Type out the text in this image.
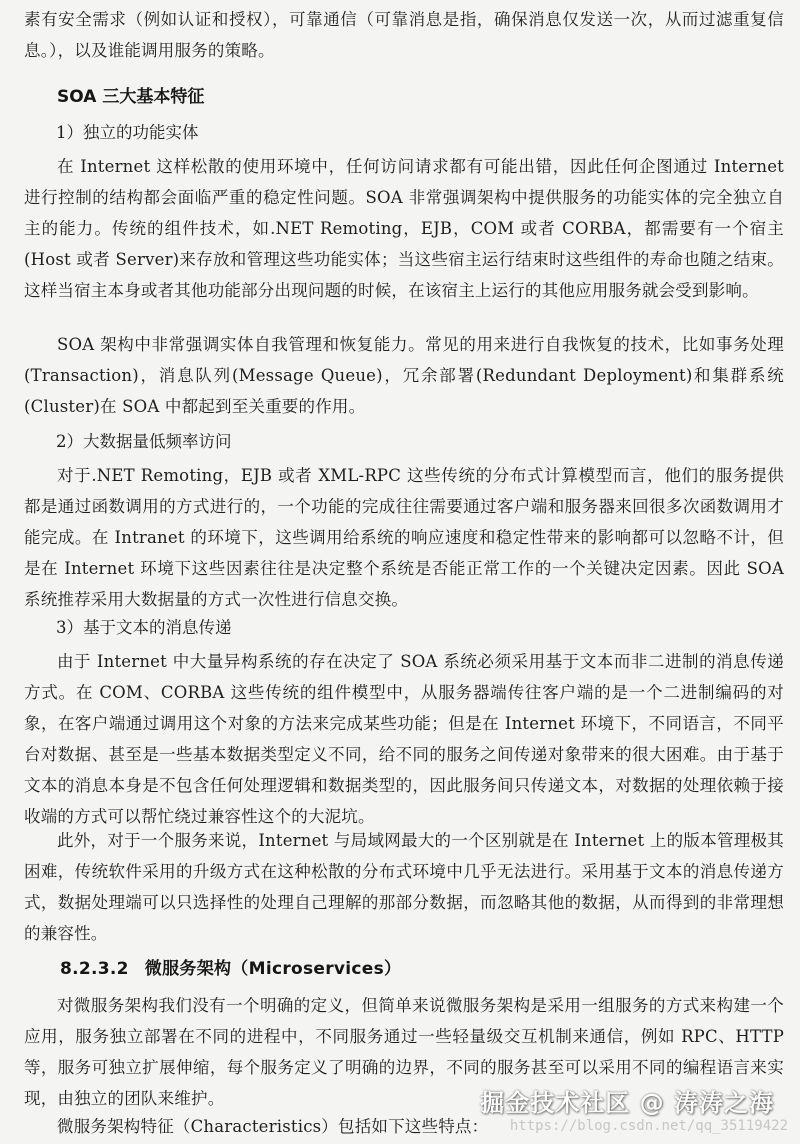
素有安全需求（例如认证和授权），可靠通信（可靠消息是指，确保消息仅发送一次，从而过滤重复信息。），以及谁能调用服务的策略。

SOA 三大基本特征

1）独立的功能实体

在 Internet 这样松散的使用环境中，任何访问请求都有可能出错，因此任何企图通过 Internet 进行控制的结构都会面临严重的稳定性问题。SOA 非常强调架构中提供服务的功能实体的完全独立自主的能力。传统的组件技术，如.NET Remoting，EJB，COM 或者 CORBA，都需要有一个宿主(Host 或者 Server)来存放和管理这些功能实体；当这些宿主运行结束时这些组件的寿命也随之结束。这样当宿主本身或者其他功能部分出现问题的时候，在该宿主上运行的其他应用服务就会受到影响。

SOA 架构中非常强调实体自我管理和恢复能力。常见的用来进行自我恢复的技术，比如事务处理(Transaction)，消息队列(Message Queue)，冗余部署(Redundant Deployment)和集群系统(Cluster)在 SOA 中都起到至关重要的作用。

2）大数据量低频率访问

对于.NET Remoting，EJB 或者 XML-RPC 这些传统的分布式计算模型而言，他们的服务提供都是通过函数调用的方式进行的，一个功能的完成往往需要通过客户端和服务器来回很多次函数调用才能完成。在 Intranet 的环境下，这些调用给系统的响应速度和稳定性带来的影响都可以忽略不计，但是在 Internet 环境下这些因素往往是决定整个系统是否能正常工作的一个关键决定因素。因此 SOA 系统推荐采用大数据量的方式一次性进行信息交换。

3）基于文本的消息传递

由于 Internet 中大量异构系统的存在决定了 SOA 系统必须采用基于文本而非二进制的消息传递方式。在 COM、CORBA 这些传统的组件模型中，从服务器端传往客户端的是一个二进制编码的对象，在客户端通过调用这个对象的方法来完成某些功能；但是在 Internet 环境下，不同语言，不同平台对数据、甚至是一些基本数据类型定义不同，给不同的服务之间传递对象带来的很大困难。由于基于文本的消息本身是不包含任何处理逻辑和数据类型的，因此服务间只传递文本，对数据的处理依赖于接收端的方式可以帮忙绕过兼容性这个的大泥坑。

此外，对于一个服务来说，Internet 与局域网最大的一个区别就是在 Internet 上的版本管理极其困难，传统软件采用的升级方式在这种松散的分布式环境中几乎无法进行。采用基于文本的消息传递方式，数据处理端可以只选择性的处理自己理解的那部分数据，而忽略其他的数据，从而得到的非常理想的兼容性。

8.2.3.2 微服务架构（Microservices）

对微服务架构我们没有一个明确的定义，但简单来说微服务架构是采用一组服务的方式来构建一个应用，服务独立部署在不同的进程中，不同服务通过一些轻量级交互机制来通信，例如 RPC、HTTP 等，服务可独立扩展伸缩，每个服务定义了明确的边界，不同的服务甚至可以采用不同的编程语言来实现，由独立的团队来维护。

微服务架构特征（Characteristics）包括如下这些特点：	https://blog.csdn.net/qq_35119422
掘金技术社区 @ 涛涛之海
